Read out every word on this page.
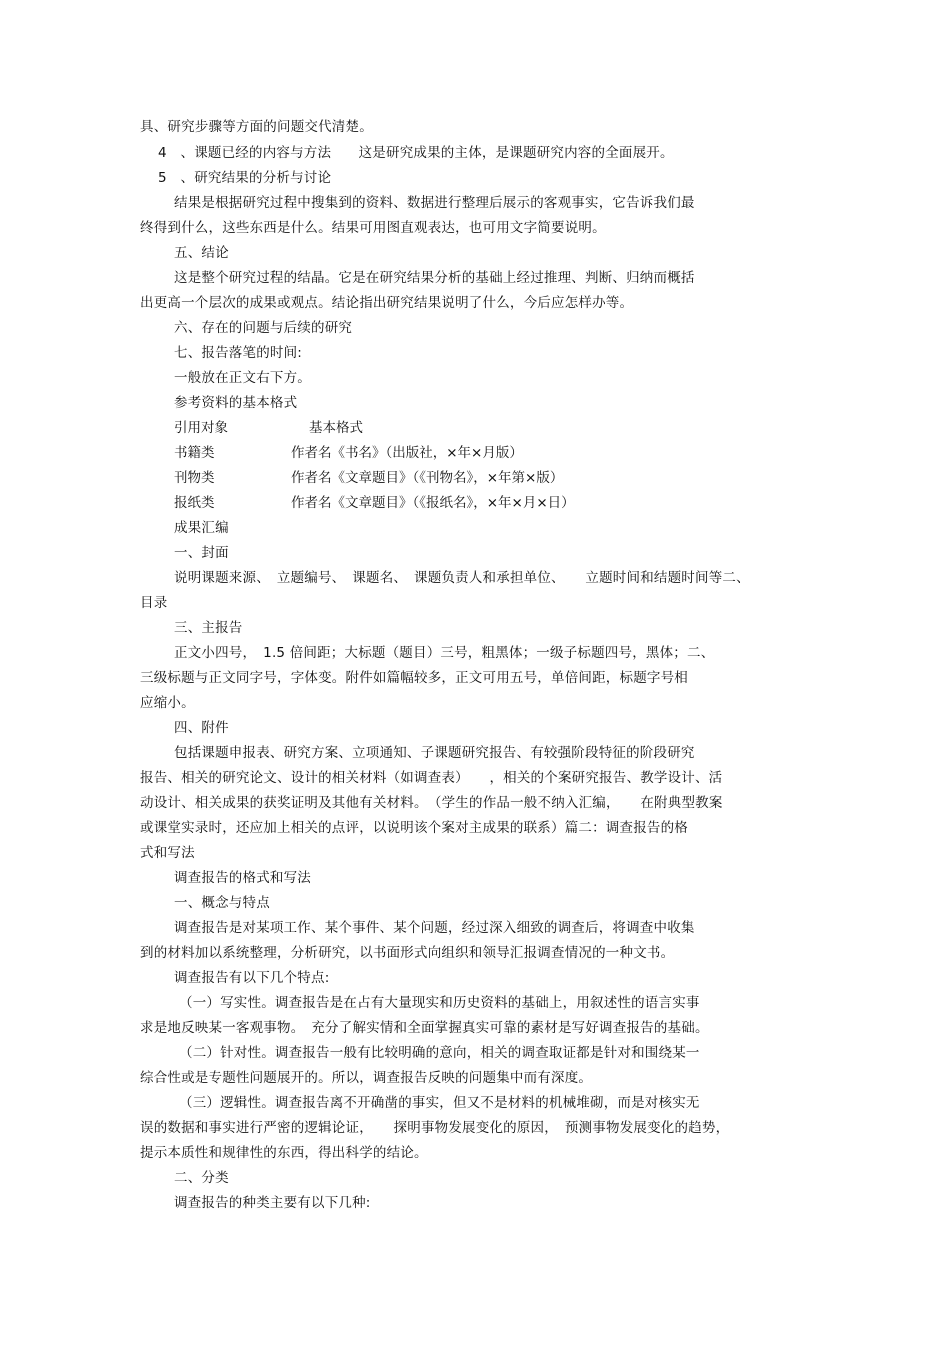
具、研究步骤等方面的问题交代清楚。
4　、课题已经的内容与方法　　这是研究成果的主体，是课题研究内容的全面展开。
5　、研究结果的分析与讨论
结果是根据研究过程中搜集到的资料、数据进行整理后展示的客观事实，它告诉我们最
终得到什么，这些东西是什么。结果可用图直观表达，也可用文字简要说明。
五、结论
这是整个研究过程的结晶。它是在研究结果分析的基础上经过推理、判断、归纳而概括
出更高一个层次的成果或观点。结论指出研究结果说明了什么，今后应怎样办等。
六、存在的问题与后续的研究
七、报告落笔的时间:
一般放在正文右下方。
参考资料的基本格式
引用对象	基本格式
书籍类	作者名《书名》（出版社，×年×月版）
刊物类	作者名《文章题目》（《刊物名》，×年第×版）
报纸类	作者名《文章题目》（《报纸名》，×年×月×日）
成果汇编
一、封面
说明课题来源、　立题编号、　课题名、　课题负责人和承担单位、　　立题时间和结题时间等二、
目录
三、主报告
正文小四号，　1.5 倍间距；大标题（题目）三号，粗黑体；一级子标题四号，黑体；二、
三级标题与正文同字号，字体变。附件如篇幅较多，正文可用五号，单倍间距，标题字号相
应缩小。
四、附件
包括课题申报表、研究方案、立项通知、子课题研究报告、有较强阶段特征的阶段研究
报告、相关的研究论文、设计的相关材料（如调查表）　　，相关的个案研究报告、教学设计、活
动设计、相关成果的获奖证明及其他有关材料。　（学生的作品一般不纳入汇编，　　在附典型教案
或课堂实录时，还应加上相关的点评，以说明该个案对主成果的联系）篇二：调查报告的格
式和写法
调查报告的格式和写法
一、概念与特点
调查报告是对某项工作、某个事件、某个问题，经过深入细致的调查后，将调查中收集
到的材料加以系统整理，分析研究，以书面形式向组织和领导汇报调查情况的一种文书。
调查报告有以下几个特点:
（一）写实性。调查报告是在占有大量现实和历史资料的基础上，用叙述性的语言实事
求是地反映某一客观事物。　充分了解实情和全面掌握真实可靠的素材是写好调查报告的基础。
（二）针对性。调查报告一般有比较明确的意向，相关的调查取证都是针对和围绕某一
综合性或是专题性问题展开的。所以，调查报告反映的问题集中而有深度。
（三）逻辑性。调查报告离不开确凿的事实，但又不是材料的机械堆砌，而是对核实无
误的数据和事实进行严密的逻辑论证，　　探明事物发展变化的原因，　预测事物发展变化的趋势，
提示本质性和规律性的东西，得出科学的结论。
二、分类
调查报告的种类主要有以下几种:
